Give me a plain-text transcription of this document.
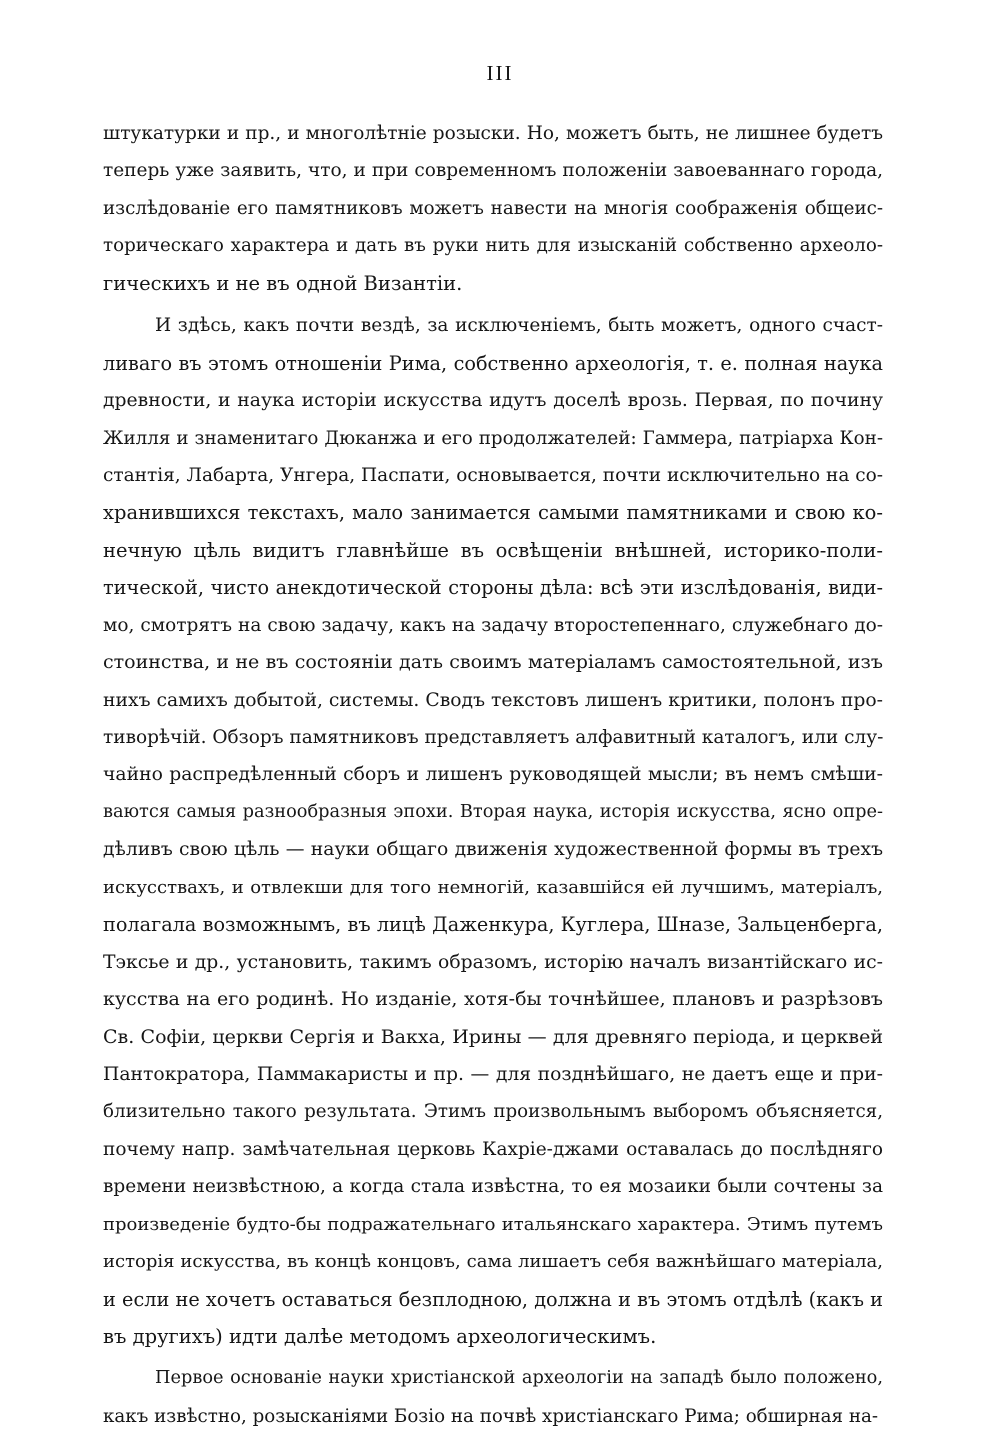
III
штукатурки и пр., и многолѣтніе розыски. Но, можетъ быть, не лишнее будетъ
теперь уже заявить, что, и при современномъ положеніи завоеваннаго города,
изслѣдованіе его памятниковъ можетъ навести на многія соображенія общеис-
торическаго характера и дать въ руки нить для изысканій собственно археоло-
гическихъ и не въ одной Византіи.
И здѣсь, какъ почти вездѣ, за исключеніемъ, быть можетъ, одного счаст-
ливаго въ этомъ отношеніи Рима, собственно археологія, т. е. полная наука
древности, и наука исторіи искусства идутъ доселѣ врозь. Первая, по почину
Жилля и знаменитаго Дюканжа и его продолжателей: Гаммера, патріарха Кон-
стантія, Лабарта, Унгера, Паспати, основывается, почти исключительно на со-
хранившихся текстахъ, мало занимается самыми памятниками и свою ко-
нечную цѣль видитъ главнѣйше въ освѣщеніи внѣшней, историко-поли-
тической, чисто анекдотической стороны дѣла: всѣ эти изслѣдованія, види-
мо, смотрятъ на свою задачу, какъ на задачу второстепеннаго, служебнаго до-
стоинства, и не въ состояніи дать своимъ матеріаламъ самостоятельной, изъ
нихъ самихъ добытой, системы. Сводъ текстовъ лишенъ критики, полонъ про-
тиворѣчій. Обзоръ памятниковъ представляетъ алфавитный каталогъ, или слу-
чайно распредѣленный сборъ и лишенъ руководящей мысли; въ немъ смѣши-
ваются самыя разнообразныя эпохи. Вторая наука, исторія искусства, ясно опре-
дѣливъ свою цѣль — науки общаго движенія художественной формы въ трехъ
искусствахъ, и отвлекши для того немногій, казавшійся ей лучшимъ, матеріалъ,
полагала возможнымъ, въ лицѣ Даженкура, Куглера, Шназе, Зальценберга,
Тэксье и др., установить, такимъ образомъ, исторію началъ византійскаго ис-
кусства на его родинѣ. Но изданіе, хотя-бы точнѣйшее, плановъ и разрѣзовъ
Св. Софіи, церкви Сергія и Вакха, Ирины — для древняго періода, и церквей
Пантократора, Паммакаристы и пр. — для позднѣйшаго, не даетъ еще и при-
близительно такого результата. Этимъ произвольнымъ выборомъ объясняется,
почему напр. замѣчательная церковь Кахріе-джами оставалась до послѣдняго
времени неизвѣстною, а когда стала извѣстна, то ея мозаики были сочтены за
произведеніе будто-бы подражательнаго итальянскаго характера. Этимъ путемъ
исторія искусства, въ концѣ концовъ, сама лишаетъ себя важнѣйшаго матеріала,
и если не хочетъ оставаться безплодною, должна и въ этомъ отдѣлѣ (какъ и
въ другихъ) идти далѣе методомъ археологическимъ.
Первое основаніе науки христіанской археологіи на западѣ было положено,
какъ извѣстно, розысканіями Бозіо на почвѣ христіанскаго Рима; обширная на-
